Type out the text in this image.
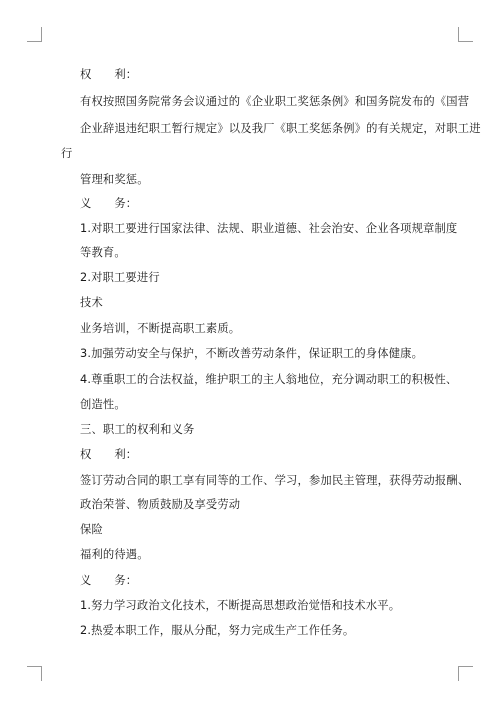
权　　利：
有权按照国务院常务会议通过的《企业职工奖惩条例》和国务院发布的《国营
企业辞退违纪职工暂行规定》以及我厂《职工奖惩条例》的有关规定，对职工进
行
管理和奖惩。
义　　务：
1.对职工要进行国家法律、法规、职业道德、社会治安、企业各项规章制度
等教育。
2.对职工要进行
技术
业务培训，不断提高职工素质。
3.加强劳动安全与保护，不断改善劳动条件，保证职工的身体健康。
4.尊重职工的合法权益，维护职工的主人翁地位，充分调动职工的积极性、
创造性。
三、职工的权利和义务
权　　利：
签订劳动合同的职工享有同等的工作、学习，参加民主管理，获得劳动报酬、
政治荣誉、物质鼓励及享受劳动
保险
福利的待遇。
义　　务：
1.努力学习政治文化技术，不断提高思想政治觉悟和技术水平。
2.热爱本职工作，服从分配，努力完成生产工作任务。
